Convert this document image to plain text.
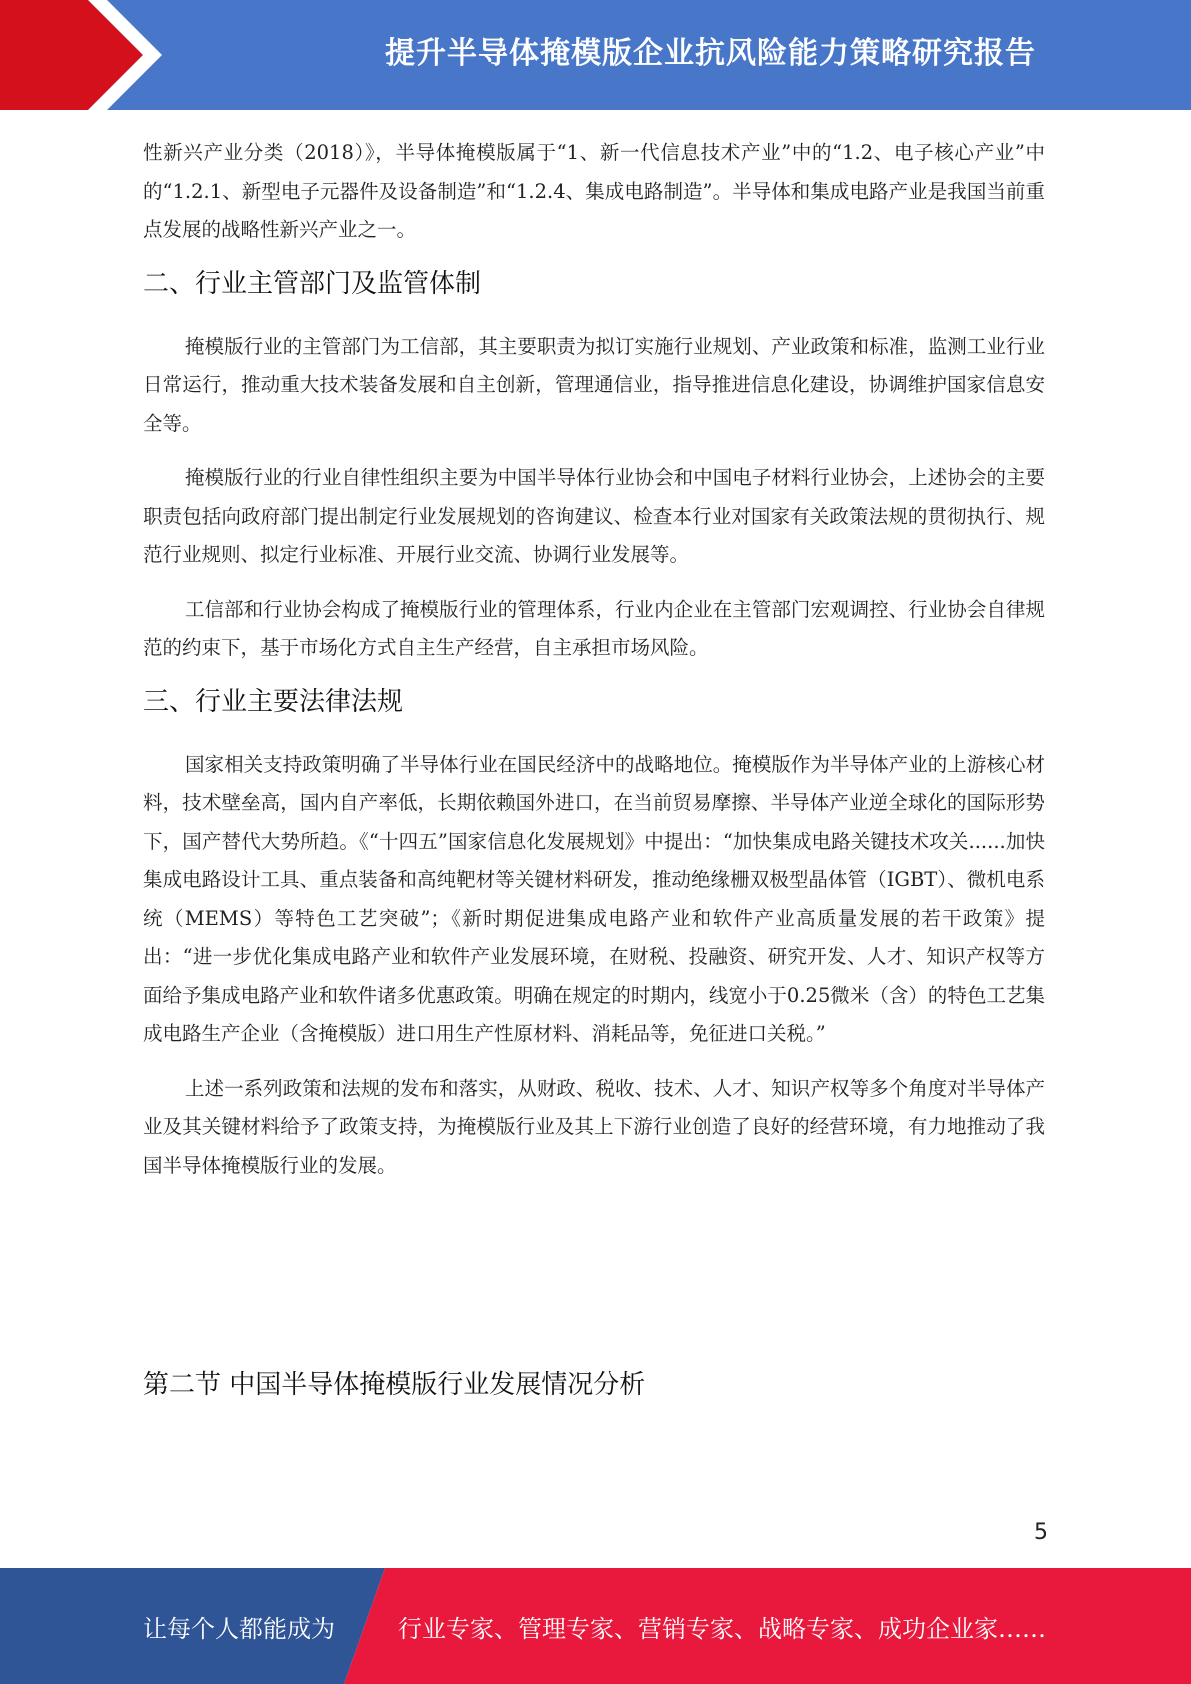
提升半导体掩模版企业抗风险能力策略研究报告

性新兴产业分类（2018）》，半导体掩模版属于“1、新一代信息技术产业”中的“1.2、电子核心产业”中的“1.2.1、新型电子元器件及设备制造”和“1.2.4、集成电路制造”。半导体和集成电路产业是我国当前重点发展的战略性新兴产业之一。

二、行业主管部门及监管体制

掩模版行业的主管部门为工信部，其主要职责为拟订实施行业规划、产业政策和标准，监测工业行业日常运行，推动重大技术装备发展和自主创新，管理通信业，指导推进信息化建设，协调维护国家信息安全等。

掩模版行业的行业自律性组织主要为中国半导体行业协会和中国电子材料行业协会，上述协会的主要职责包括向政府部门提出制定行业发展规划的咨询建议、检查本行业对国家有关政策法规的贯彻执行、规范行业规则、拟定行业标准、开展行业交流、协调行业发展等。

工信部和行业协会构成了掩模版行业的管理体系，行业内企业在主管部门宏观调控、行业协会自律规范的约束下，基于市场化方式自主生产经营，自主承担市场风险。

三、行业主要法律法规

国家相关支持政策明确了半导体行业在国民经济中的战略地位。掩模版作为半导体产业的上游核心材料，技术壁垒高，国内自产率低，长期依赖国外进口，在当前贸易摩擦、半导体产业逆全球化的国际形势下，国产替代大势所趋。《“十四五”国家信息化发展规划》中提出：“加快集成电路关键技术攻关......加快集成电路设计工具、重点装备和高纯靶材等关键材料研发，推动绝缘栅双极型晶体管（IGBT）、微机电系统（MEMS）等特色工艺突破”；《新时期促进集成电路产业和软件产业高质量发展的若干政策》提出：“进一步优化集成电路产业和软件产业发展环境，在财税、投融资、研究开发、人才、知识产权等方面给予集成电路产业和软件诸多优惠政策。明确在规定的时期内，线宽小于0.25微米（含）的特色工艺集成电路生产企业（含掩模版）进口用生产性原材料、消耗品等，免征进口关税。”

上述一系列政策和法规的发布和落实，从财政、税收、技术、人才、知识产权等多个角度对半导体产业及其关键材料给予了政策支持，为掩模版行业及其上下游行业创造了良好的经营环境，有力地推动了我国半导体掩模版行业的发展。

第二节 中国半导体掩模版行业发展情况分析
5
让每个人都能成为	行业专家、管理专家、营销专家、战略专家、成功企业家……
